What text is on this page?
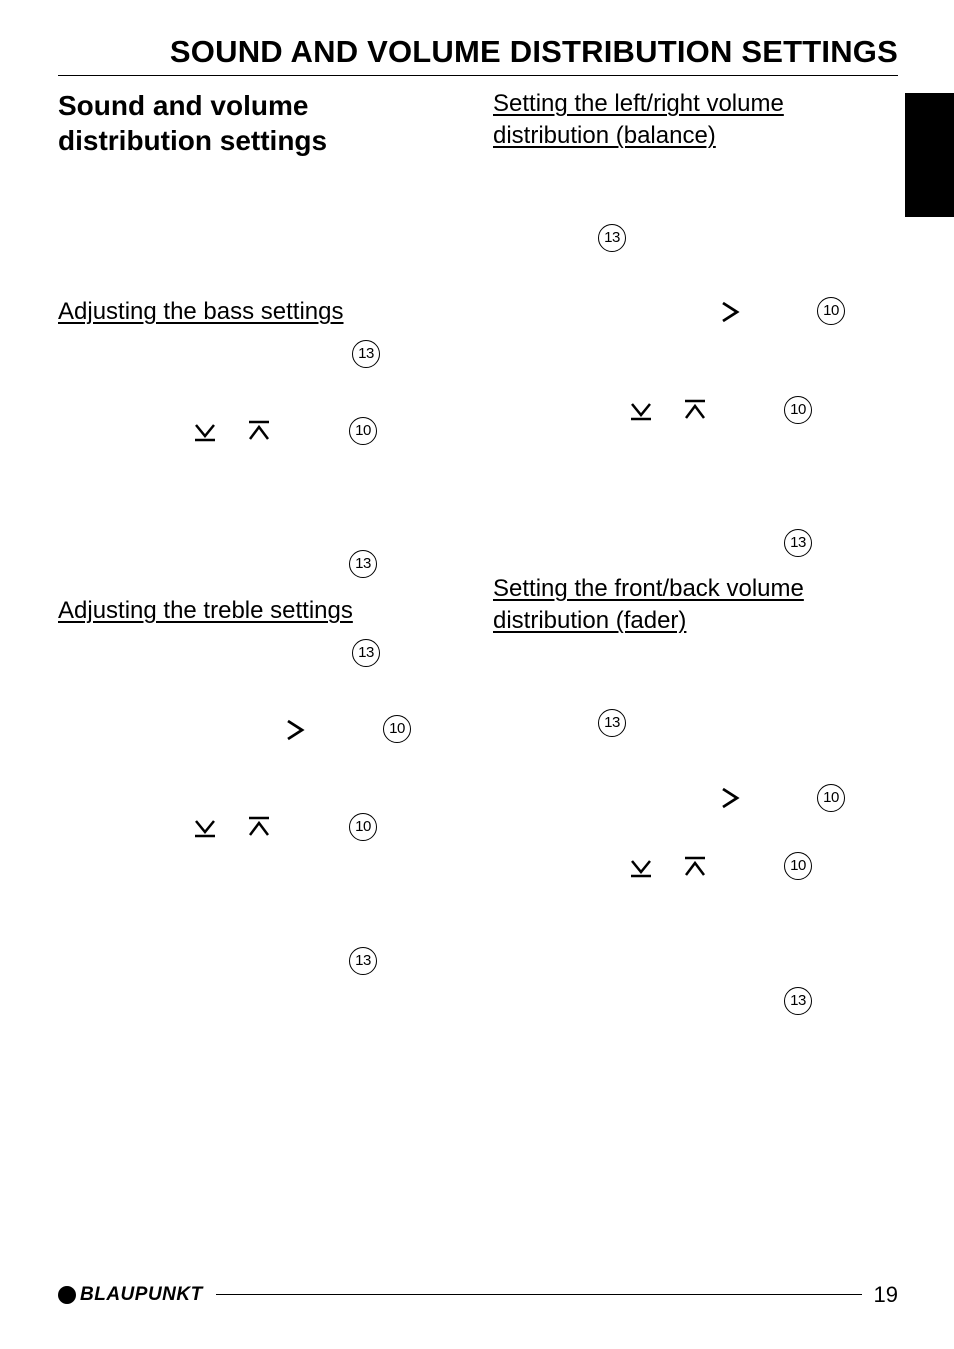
SOUND AND VOLUME DISTRIBUTION SETTINGS
Sound and volume distribution settings
Adjusting the bass settings
Adjusting the treble settings
Setting the left/right volume distribution (balance)
Setting the front/back volume distribution (fader)
13
10
13
13
10
10
13
13
10
10
13
13
10
10
13
BLAUPUNKT	19
